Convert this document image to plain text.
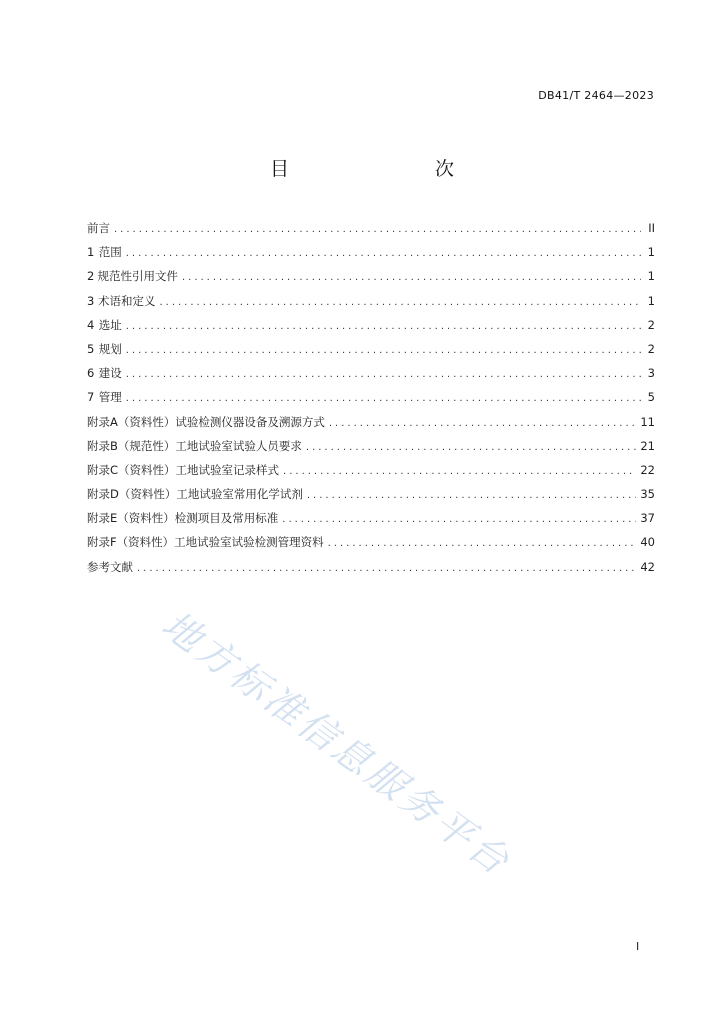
DB41/T 2464—2023
目　　次
前言 .....	II
1 范围 .....	1
2 规范性引用文件 .....	1
3 术语和定义 .....	1
4 选址 .....	2
5 规划 .....	2
6 建设 .....	3
7 管理 .....	5
附录A（资料性） 试验检测仪器设备及溯源方式 .....	11
附录B（规范性） 工地试验室试验人员要求 .....	21
附录C（资料性） 工地试验室记录样式 .....	22
附录D（资料性） 工地试验室常用化学试剂 .....	35
附录E（资料性） 检测项目及常用标准 .....	37
附录F（资料性） 工地试验室试验检测管理资料 .....	40
参考文献 .....	42
地方标准信息服务平台
I
